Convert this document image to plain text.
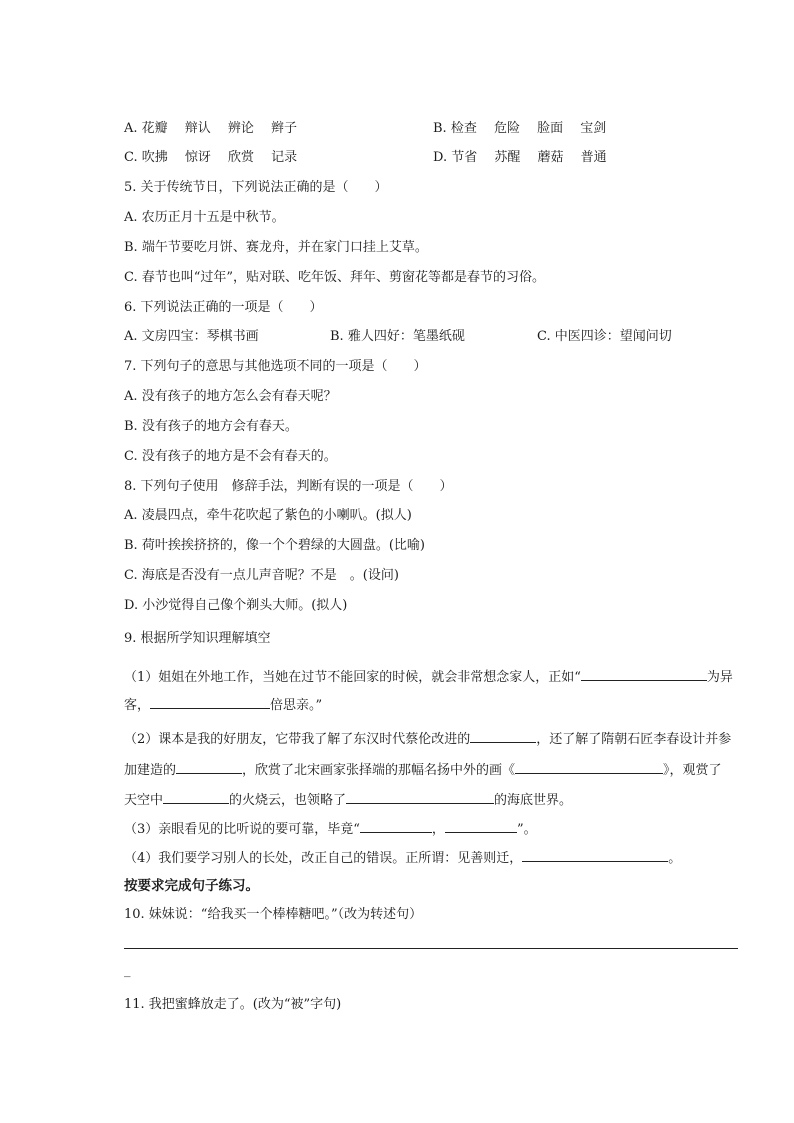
A. 花瓣　 辩认　 辨论　 辫子	B. 检查　 危险　 脸面　 宝剑
C. 吹拂　 惊讶　 欣赏　 记录	D. 节省　 苏醒　 蘑菇　 普通
5. 关于传统节日，下列说法正确的是（　　）
A. 农历正月十五是中秋节。
B. 端午节要吃月饼、赛龙舟，并在家门口挂上艾草。
C. 春节也叫“过年”，贴对联、吃年饭、拜年、剪窗花等都是春节的习俗。
6. 下列说法正确的一项是（　　）
A. 文房四宝：琴棋书画	B. 雅人四好：笔墨纸砚	C. 中医四诊：望闻问切
7. 下列句子的意思与其他选项不同的一项是（　　）
A. 没有孩子的地方怎么会有春天呢？
B. 没有孩子的地方会有春天。
C. 没有孩子的地方是不会有春天的。
8. 下列句子使用　修辞手法，判断有误的一项是（　　）
A. 凌晨四点，牵牛花吹起了紫色的小喇叭。(拟人)
B. 荷叶挨挨挤挤的，像一个个碧绿的大圆盘。(比喻)
C. 海底是否没有一点儿声音呢？不是　。(设问)
D. 小沙觉得自己像个剃头大师。(拟人)
9. 根据所学知识理解填空
（1）姐姐在外地工作，当她在过节不能回家的时候，就会非常想念家人，正如“	为异
客，	倍思亲。”
（2）课本是我的好朋友，它带我了解了东汉时代蔡伦改进的	，还了解了隋朝石匠李春设计并参
加建造的	，欣赏了北宋画家张择端的那幅名扬中外的画《	》，观赏了
天空中	的火烧云，也领略了	的海底世界。
（3）亲眼看见的比听说的要可靠，毕竟“	，	”。
（4）我们要学习别人的长处，改正自己的错误。正所谓：见善则迁，	。
按要求完成句子练习。
10. 妹妹说：“给我买一个棒棒糖吧。”（改为转述句）
_
11. 我把蜜蜂放走了。(改为“被”字句)
